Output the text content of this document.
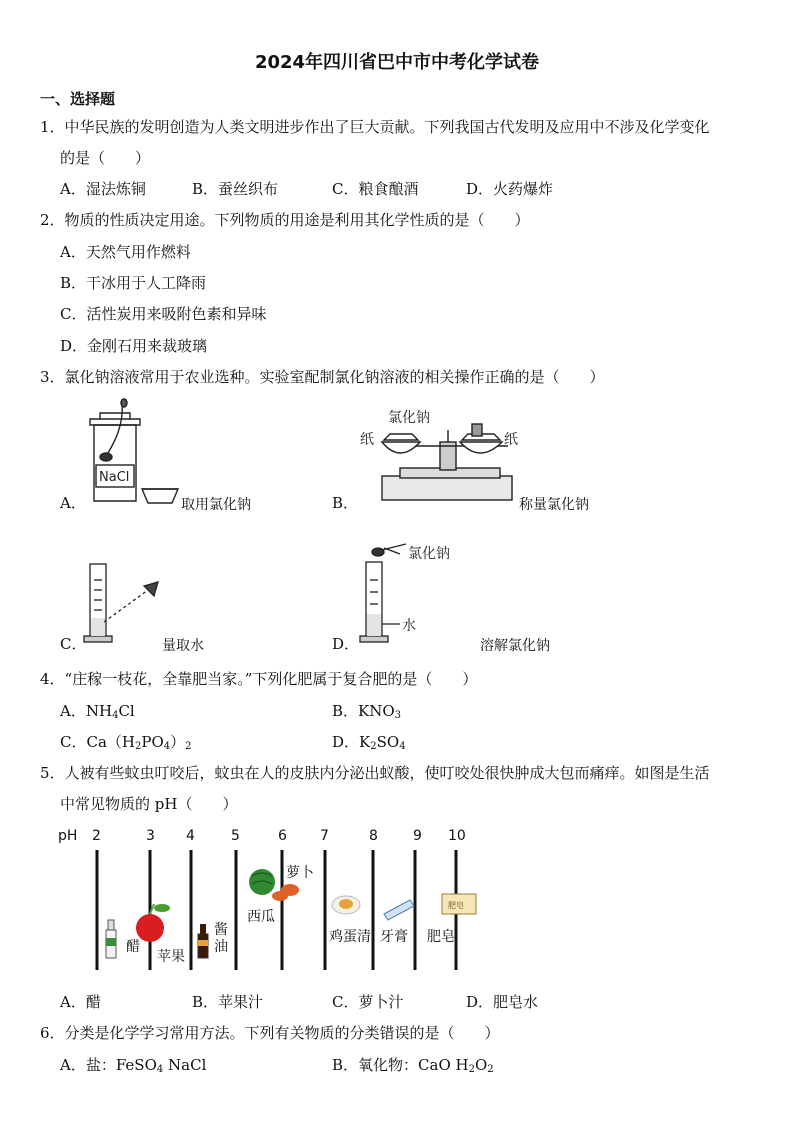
2024年四川省巴中市中考化学试卷
一、选择题
1．中华民族的发明创造为人类文明进步作出了巨大贡献。下列我国古代发明及应用中不涉及化学变化
的是（　　）
A．湿法炼铜	B．蚕丝织布	C．粮食酿酒	D．火药爆炸
2．物质的性质决定用途。下列物质的用途是利用其化学性质的是（　　）
A．天然气用作燃料
B．干冰用于人工降雨
C．活性炭用来吸附色素和异味
D．金刚石用来裁玻璃
3．氯化钠溶液常用于农业选种。实验室配制氯化钠溶液的相关操作正确的是（　　）
NaCl
A．	取用氯化钠
纸	纸
氯化钠
B．	称量氯化钠
C．	量取水
氯化钠
水
D．	溶解氯化钠
4．“庄稼一枝花，全靠肥当家。”下列化肥属于复合肥的是（　　）
A．$NH_4Cl$	B．$KNO_3$
C．$Ca(H_2PO_4)_2$	D．$K_2SO_4$
5．人被有些蚊虫叮咬后，蚊虫在人的皮肤内分泌出蚁酸，使叮咬处很快肿成大包而痛痒。如图是生活
中常见物质的 pH（　　）
pH 2	3 4	5	6 7	8	9 10
肥皂
醋
苹果
酱油
西瓜
萝卜
鸡蛋清 牙膏 肥皂
A．醋	B．苹果汁	C．萝卜汁	D．肥皂水
6．分类是化学学习常用方法。下列有关物质的分类错误的是（　　）
A．盐：FeSO$_4$ NaCl	B．氧化物：CaO $H_2O_2$
